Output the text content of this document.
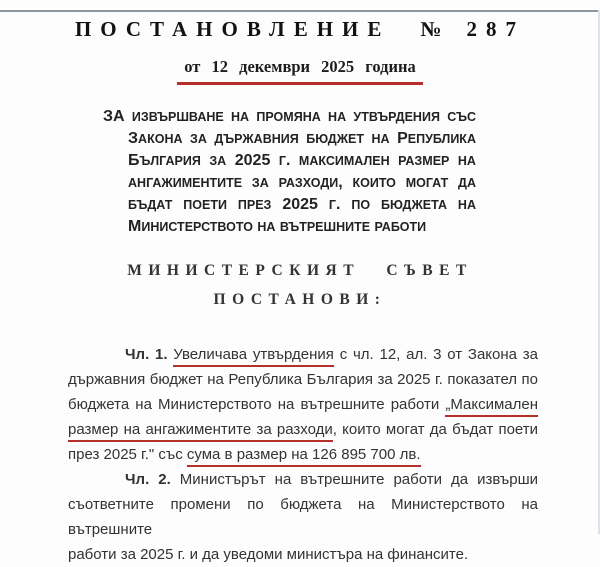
ПОСТАНОВЛЕНИЕ № 287
от 12 декември 2025 година
ЗА ИЗВЪРШВАНЕ НА ПРОМЯНА НА УТВЪРДЕНИЯ СЪС
ЗАКОНА ЗА ДЪРЖАВНИЯ БЮДЖЕТ НА РЕПУБЛИКА
БЪЛГАРИЯ ЗА 2025 Г. МАКСИМАЛЕН РАЗМЕР НА
АНГАЖИМЕНТИТЕ ЗА РАЗХОДИ, КОИТО МОГАТ ДА
БЪДАТ ПОЕТИ ПРЕЗ 2025 Г. ПО БЮДЖЕТА НА
МИНИСТЕРСТВОТО НА ВЪТРЕШНИТЕ РАБОТИ
МИНИСТЕРСКИЯТ СЪВЕТ
ПОСТАНОВИ:
Чл. 1. Увеличава утвърдения с чл. 12, ал. 3 от Закона за
държавния бюджет на Република България за 2025 г. показател по
бюджета на Министерството на вътрешните работи „Максимален
размер на ангажиментите за разходи, които могат да бъдат поети
през 2025 г." със сума в размер на 126 895 700 лв.
Чл. 2. Министърът на вътрешните работи да извърши
съответните промени по бюджета на Министерството на вътрешните
работи за 2025 г. и да уведоми министъра на финансите.
